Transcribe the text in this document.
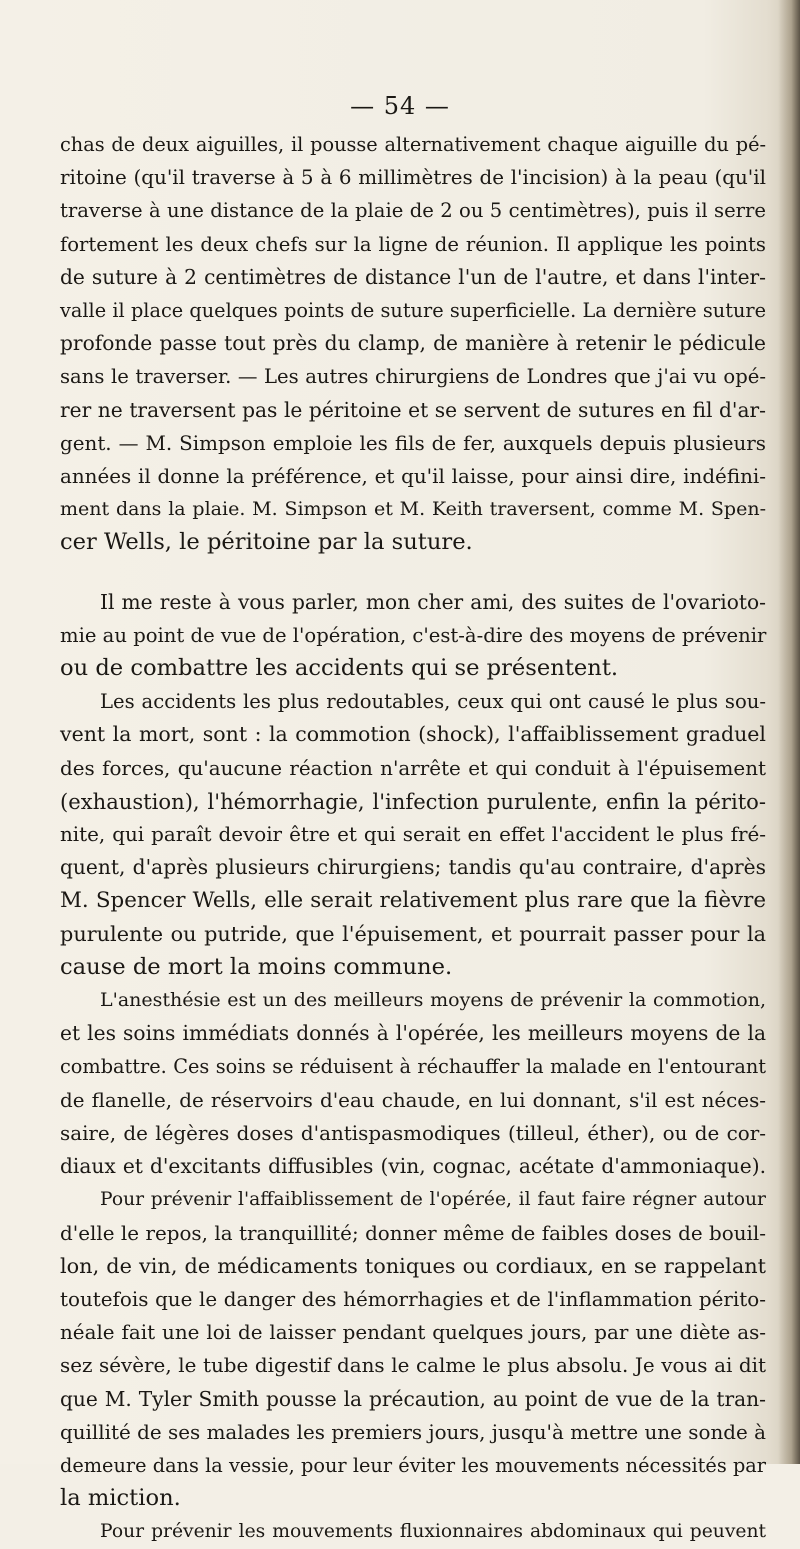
— 54 —
chas de deux aiguilles, il pousse alternativement chaque aiguille du pé-
ritoine (qu'il traverse à 5 à 6 millimètres de l'incision) à la peau (qu'il
traverse à une distance de la plaie de 2 ou 5 centimètres), puis il serre
fortement les deux chefs sur la ligne de réunion. Il applique les points
de suture à 2 centimètres de distance l'un de l'autre, et dans l'inter-
valle il place quelques points de suture superficielle. La dernière suture
profonde passe tout près du clamp, de manière à retenir le pédicule
sans le traverser. — Les autres chirurgiens de Londres que j'ai vu opé-
rer ne traversent pas le péritoine et se servent de sutures en fil d'ar-
gent. — M. Simpson emploie les fils de fer, auxquels depuis plusieurs
années il donne la préférence, et qu'il laisse, pour ainsi dire, indéfini-
ment dans la plaie. M. Simpson et M. Keith traversent, comme M. Spen-
cer Wells, le péritoine par la suture.
Il me reste à vous parler, mon cher ami, des suites de l'ovarioto-
mie au point de vue de l'opération, c'est-à-dire des moyens de prévenir
ou de combattre les accidents qui se présentent.
Les accidents les plus redoutables, ceux qui ont causé le plus sou-
vent la mort, sont : la commotion (shock), l'affaiblissement graduel
des forces, qu'aucune réaction n'arrête et qui conduit à l'épuisement
(exhaustion), l'hémorrhagie, l'infection purulente, enfin la périto-
nite, qui paraît devoir être et qui serait en effet l'accident le plus fré-
quent, d'après plusieurs chirurgiens; tandis qu'au contraire, d'après
M. Spencer Wells, elle serait relativement plus rare que la fièvre
purulente ou putride, que l'épuisement, et pourrait passer pour la
cause de mort la moins commune.
L'anesthésie est un des meilleurs moyens de prévenir la commotion,
et les soins immédiats donnés à l'opérée, les meilleurs moyens de la
combattre. Ces soins se réduisent à réchauffer la malade en l'entourant
de flanelle, de réservoirs d'eau chaude, en lui donnant, s'il est néces-
saire, de légères doses d'antispasmodiques (tilleul, éther), ou de cor-
diaux et d'excitants diffusibles (vin, cognac, acétate d'ammoniaque).
Pour prévenir l'affaiblissement de l'opérée, il faut faire régner autour
d'elle le repos, la tranquillité; donner même de faibles doses de bouil-
lon, de vin, de médicaments toniques ou cordiaux, en se rappelant
toutefois que le danger des hémorrhagies et de l'inflammation périto-
néale fait une loi de laisser pendant quelques jours, par une diète as-
sez sévère, le tube digestif dans le calme le plus absolu. Je vous ai dit
que M. Tyler Smith pousse la précaution, au point de vue de la tran-
quillité de ses malades les premiers jours, jusqu'à mettre une sonde à
demeure dans la vessie, pour leur éviter les mouvements nécessités par
la miction.
Pour prévenir les mouvements fluxionnaires abdominaux qui peuvent
